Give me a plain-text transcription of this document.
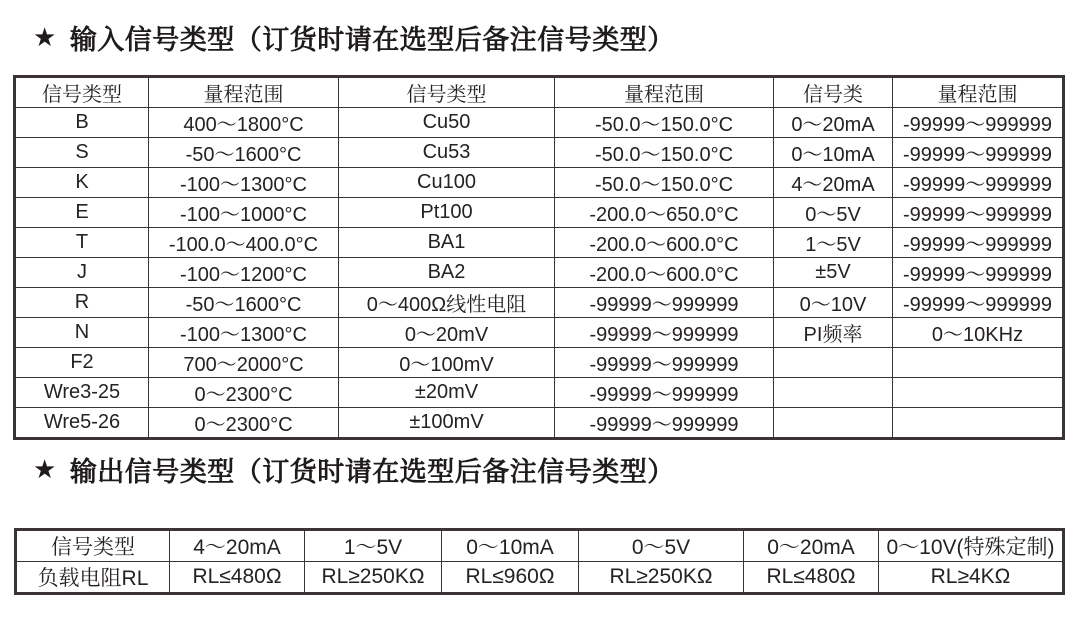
★ 输入信号类型（订货时请在选型后备注信号类型）
信号类型	量程范围	信号类型	量程范围	信号类	量程范围
B	400～1800°C	Cu50	-50.0～150.0°C	0～20mA	-99999～999999
S	-50～1600°C	Cu53	-50.0～150.0°C	0～10mA	-99999～999999
K	-100～1300°C	Cu100	-50.0～150.0°C	4～20mA	-99999～999999
E	-100～1000°C	Pt100	-200.0～650.0°C	0～5V	-99999～999999
T	-100.0～400.0°C	BA1	-200.0～600.0°C	1～5V	-99999～999999
J	-100～1200°C	BA2	-200.0～600.0°C	±5V	-99999～999999
R	-50～1600°C	0～400Ω线性电阻	-99999～999999	0～10V	-99999～999999
N	-100～1300°C	0～20mV	-99999～999999	PI频率	0～10KHz
F2	700～2000°C	0～100mV	-99999～999999		
Wre3-25	0～2300°C	±20mV	-99999～999999		
Wre5-26	0～2300°C	±100mV	-99999～999999		
★ 输出信号类型（订货时请在选型后备注信号类型）
信号类型	4～20mA	1～5V	0～10mA	0～5V	0～20mA	0～10V(特殊定制)
负载电阻RL	RL≤480Ω	RL≥250KΩ	RL≤960Ω	RL≥250KΩ	RL≤480Ω	RL≥4KΩ
